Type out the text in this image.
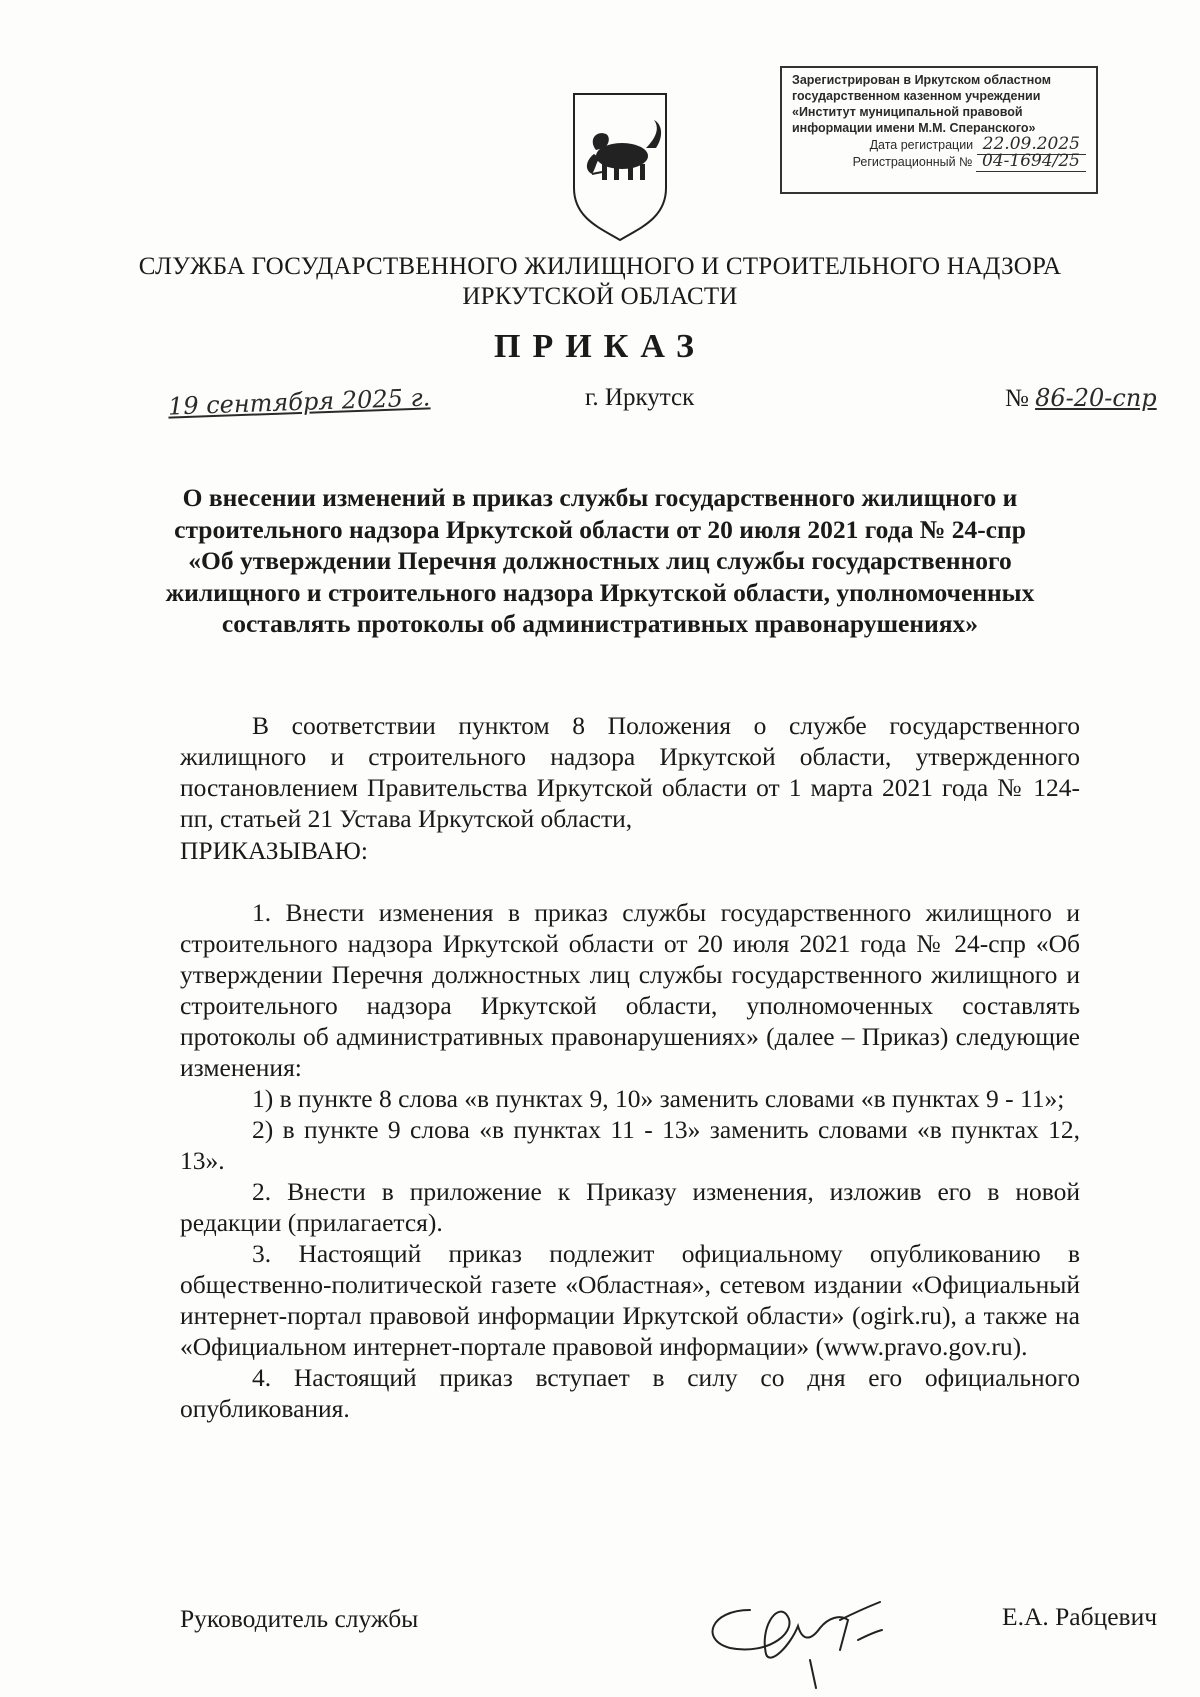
Зарегистрирован в Иркутском областном
государственном казенном учреждении
«Институт муниципальной правовой
информации имени М.М. Сперанского»
Дата регистрации 22.09.2025
Регистрационный № 04-1694/25
СЛУЖБА ГОСУДАРСТВЕННОГО ЖИЛИЩНОГО И СТРОИТЕЛЬНОГО НАДЗОРА
ИРКУТСКОЙ ОБЛАСТИ
ПРИКАЗ
19 сентября 2025 г.	г. Иркутск	№ 86-20-спр
О внесении изменений в приказ службы государственного жилищного и строительного надзора Иркутской области от 20 июля 2021 года № 24-спр «Об утверждении Перечня должностных лиц службы государственного жилищного и строительного надзора Иркутской области, уполномоченных составлять протоколы об административных правонарушениях»
В соответствии пунктом 8 Положения о службе государственного жилищного и строительного надзора Иркутской области, утвержденного постановлением Правительства Иркутской области от 1 марта 2021 года № 124-пп, статьей 21 Устава Иркутской области,
ПРИКАЗЫВАЮ:

1. Внести изменения в приказ службы государственного жилищного и строительного надзора Иркутской области от 20 июля 2021 года № 24-спр «Об утверждении Перечня должностных лиц службы государственного жилищного и строительного надзора Иркутской области, уполномоченных составлять протоколы об административных правонарушениях» (далее – Приказ) следующие изменения:

1) в пункте 8 слова «в пунктах 9, 10» заменить словами «в пунктах 9 - 11»;

2) в пункте 9 слова «в пунктах 11 - 13» заменить словами «в пунктах 12, 13».

2. Внести в приложение к Приказу изменения, изложив его в новой редакции (прилагается).

3. Настоящий приказ подлежит официальному опубликованию в общественно-политической газете «Областная», сетевом издании «Официальный интернет-портал правовой информации Иркутской области» (ogirk.ru), а также на «Официальном интернет-портале правовой информации» (www.pravo.gov.ru).

4. Настоящий приказ вступает в силу со дня его официального опубликования.

Руководитель службы	Е.А. Рабцевич
